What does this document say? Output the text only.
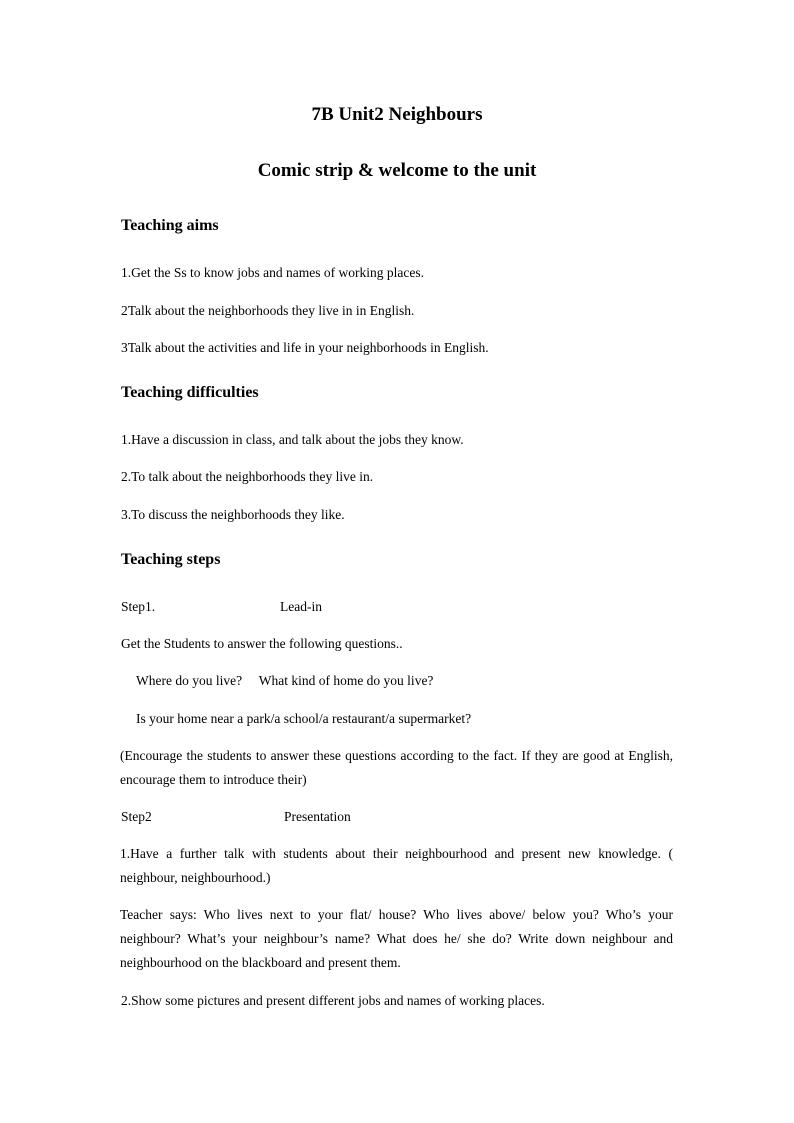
7B Unit2 Neighbours
Comic strip & welcome to the unit
Teaching aims

1.Get the Ss to know jobs and names of working places.

2Talk about the neighborhoods they live in in English.

3Talk about the activities and life in your neighborhoods in English.

Teaching difficulties

1.Have a discussion in class, and talk about the jobs they know.

2.To talk about the neighborhoods they live in.

3.To discuss the neighborhoods they like.

Teaching steps

Step1.	Lead-in

Get the Students to answer the following questions..

Where do you live?     What kind of home do you live?

Is your home near a park/a school/a restaurant/a supermarket?

(Encourage the students to answer these questions according to the fact. If they are good at English, encourage them to introduce their)

Step2	Presentation

1.Have a further talk with students about their neighbourhood and present new knowledge. ( neighbour, neighbourhood.)

Teacher says: Who lives next to your flat/ house? Who lives above/ below you? Who’s your neighbour? What’s your neighbour’s name? What does he/ she do? Write down neighbour and neighbourhood on the blackboard and present them.

2.Show some pictures and present different jobs and names of working places.
